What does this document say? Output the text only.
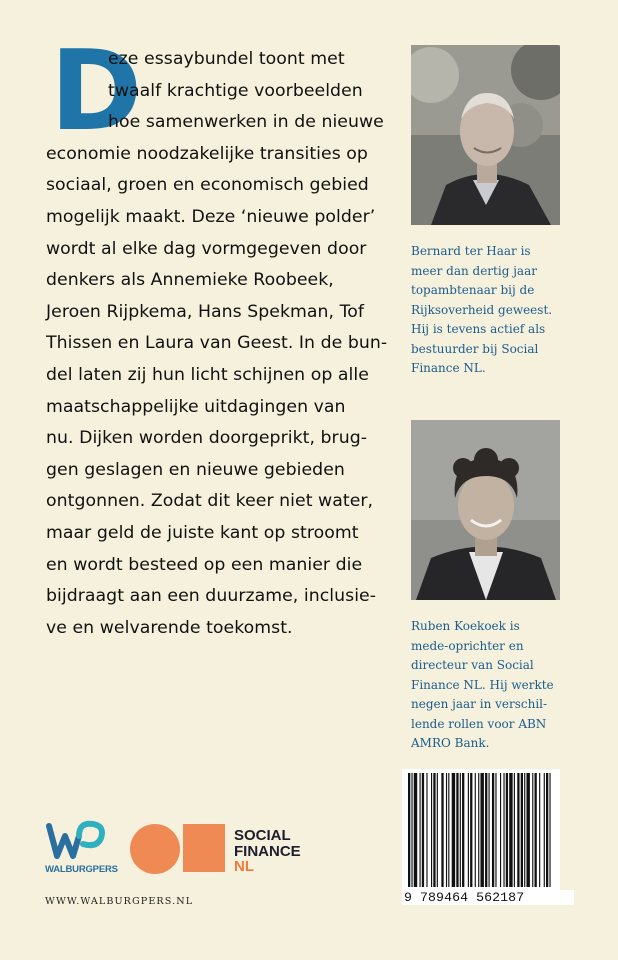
D
eze essaybundel toont met
twaalf krachtige voorbeelden
hoe samenwerken in de nieuwe
economie noodzakelijke transities op
sociaal, groen en economisch gebied
mogelijk maakt. Deze ‘nieuwe polder’
wordt al elke dag vormgegeven door
denkers als Annemieke Roobeek,
Jeroen Rijpkema, Hans Spekman, Tof
Thissen en Laura van Geest. In de bun-
del laten zij hun licht schijnen op alle
maatschappelijke uitdagingen van
nu. Dijken worden doorgeprikt, brug-
gen geslagen en nieuwe gebieden
ontgonnen. Zodat dit keer niet water,
maar geld de juiste kant op stroomt
en wordt besteed op een manier die
bijdraagt aan een duurzame, inclusie-
ve en welvarende toekomst.
Bernard ter Haar is
meer dan dertig jaar
topambtenaar bij de
Rijksoverheid geweest.
Hij is tevens actief als
bestuurder bij Social
Finance NL.
Ruben Koekoek is
mede-oprichter en
directeur van Social
Finance NL. Hij werkte
negen jaar in verschil-
lende rollen voor ABN
AMRO Bank.
9 789464 562187
WALBURGPERS
SOCIAL
FINANCE
NL
WWW.WALBURGPERS.NL
